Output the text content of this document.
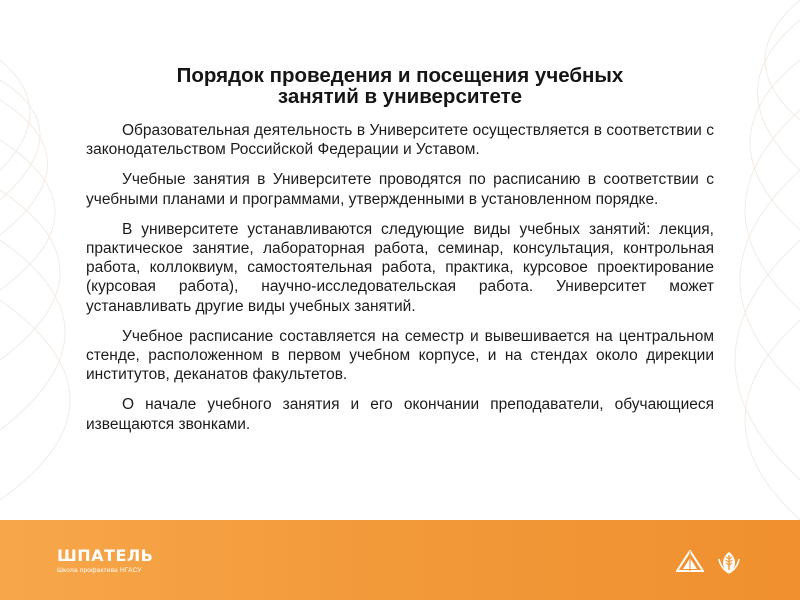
Порядок проведения и посещения учебных
занятий в университете

Образовательная деятельность в Университете осуществляется в соответствии с законодательством Российской Федерации и Уставом.

Учебные занятия в Университете проводятся по расписанию в соответствии с учебными планами и программами, утвержденными в установленном порядке.

В университете устанавливаются следующие виды учебных занятий: лекция, практическое занятие, лабораторная работа, семинар, консультация, контрольная работа, коллоквиум, самостоятельная работа, практика, курсовое проектирование (курсовая работа), научно-исследовательская работа. Университет может устанавливать другие виды учебных занятий.

Учебное расписание составляется на семестр и вывешивается на центральном стенде, расположенном в первом учебном корпусе, и на стендах около дирекции институтов, деканатов факультетов.

О начале учебного занятия и его окончании преподаватели, обучающиеся извещаются звонками.

ШПАТЕЛЬ
Школа профактива НГАСУ
